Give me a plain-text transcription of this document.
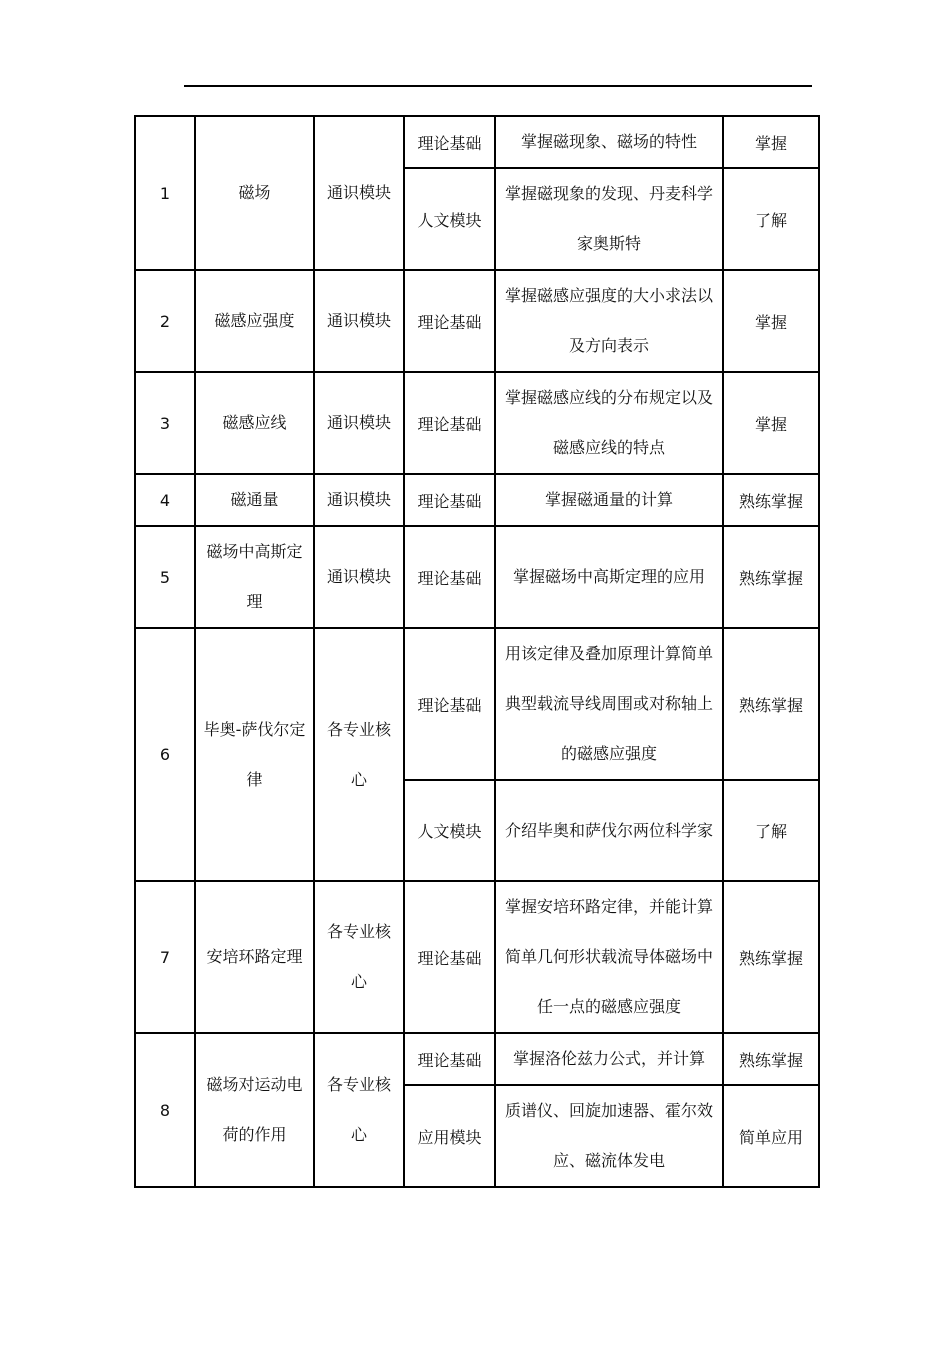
1	磁场	通识模块	理论基础	掌握磁现象、磁场的特性	掌握
			人文模块	掌握磁现象的发现、丹麦科学家奥斯特	了解
2	磁感应强度	通识模块	理论基础	掌握磁感应强度的大小求法以及方向表示	掌握
3	磁感应线	通识模块	理论基础	掌握磁感应线的分布规定以及磁感应线的特点	掌握
4	磁通量	通识模块	理论基础	掌握磁通量的计算	熟练掌握
5	磁场中高斯定理	通识模块	理论基础	掌握磁场中高斯定理的应用	熟练掌握
6	毕奥-萨伐尔定律	各专业核心	理论基础	用该定律及叠加原理计算简单典型载流导线周围或对称轴上的磁感应强度	熟练掌握
			人文模块	介绍毕奥和萨伐尔两位科学家	了解
7	安培环路定理	各专业核心	理论基础	掌握安培环路定律，并能计算简单几何形状载流导体磁场中任一点的磁感应强度	熟练掌握
8	磁场对运动电荷的作用	各专业核心	理论基础	掌握洛伦兹力公式，并计算	熟练掌握
			应用模块	质谱仪、回旋加速器、霍尔效应、磁流体发电	简单应用
